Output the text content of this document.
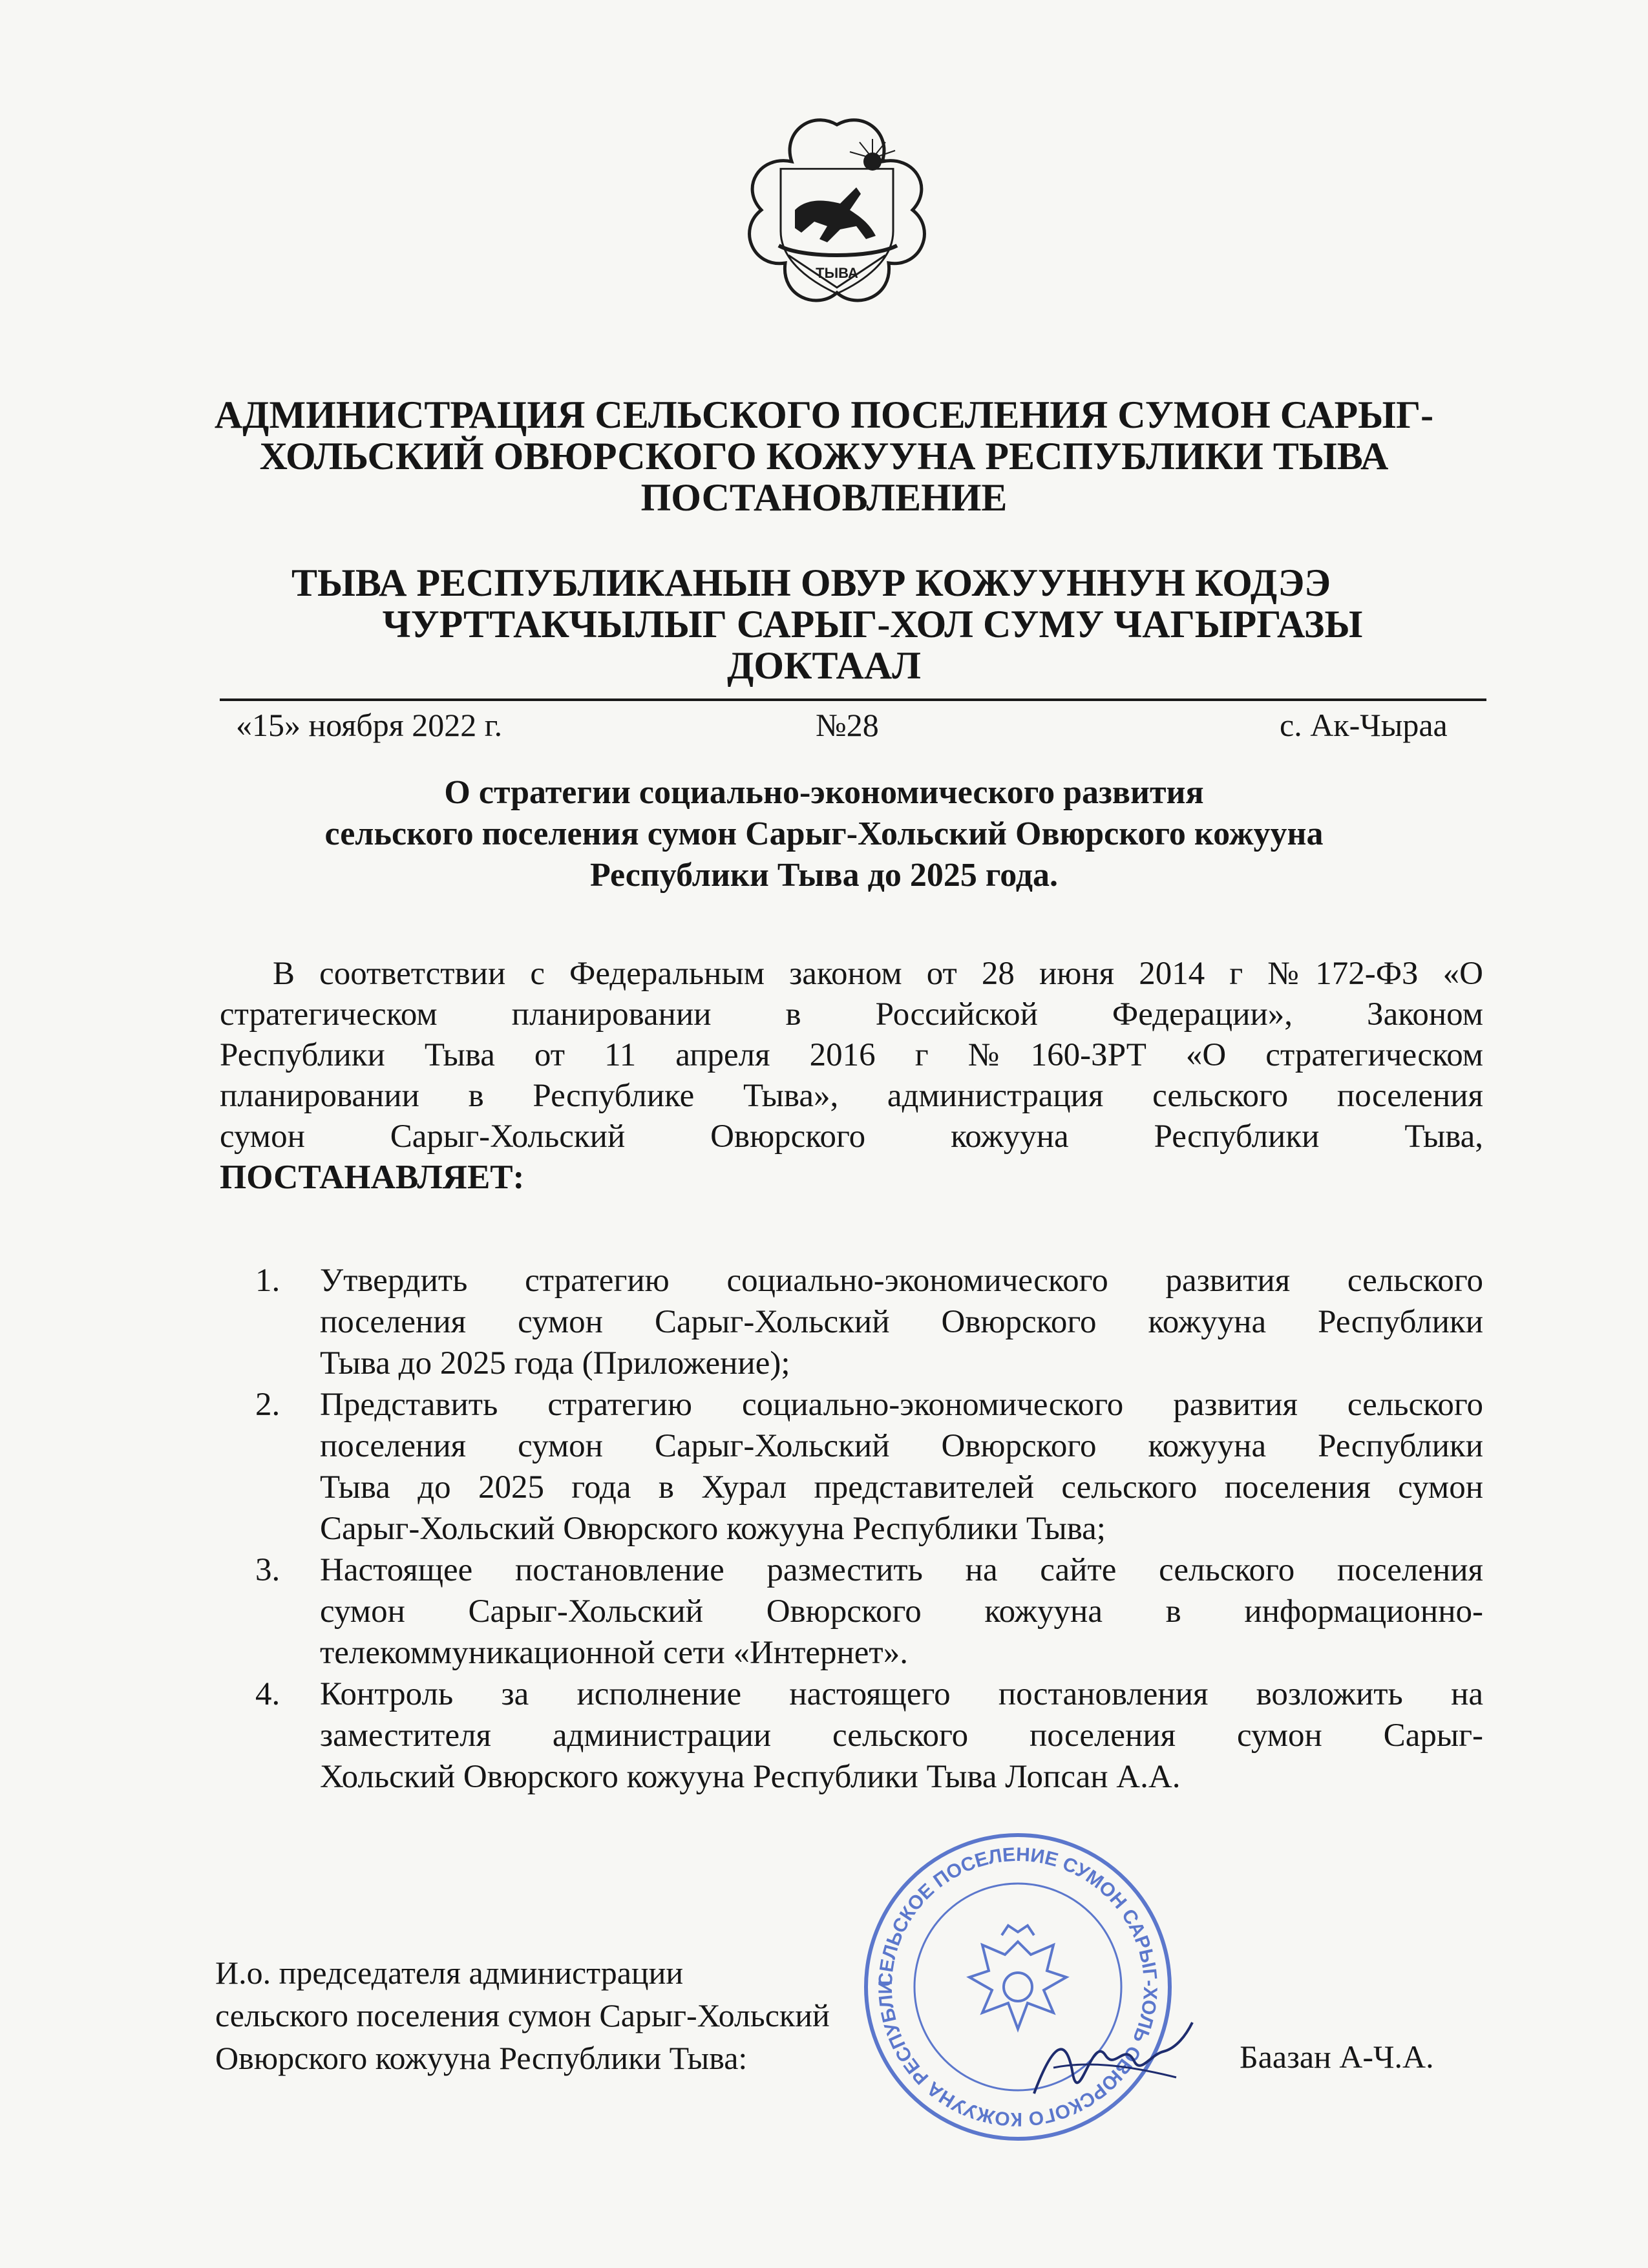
ТЫВА
АДМИНИСТРАЦИЯ СЕЛЬСКОГО ПОСЕЛЕНИЯ СУМОН САРЫГ-
ХОЛЬСКИЙ ОВЮРСКОГО КОЖУУНА РЕСПУБЛИКИ ТЫВА
ПОСТАНОВЛЕНИЕ
ТЫВА РЕСПУБЛИКАНЫН ОВУР КОЖУУННУН КОДЭЭ
ЧУРТТАКЧЫЛЫГ САРЫГ-ХОЛ СУМУ ЧАГЫРГАЗЫ
ДОКТААЛ
«15» ноября 2022 г.	№28	с. Ак-Чыраа
О стратегии социально-экономического развития
сельского поселения сумон Сарыг-Хольский Овюрского кожууна
Республики Тыва до 2025 года.
В соответствии с Федеральным законом от 28 июня 2014 г №172-ФЗ «О
стратегическом планировании в Российской Федерации», Законом
Республики Тыва от 11 апреля 2016 г №160-ЗРТ «О стратегическом
планировании в Республике Тыва», администрация сельского поселения
сумон Сарыг-Хольский Овюрского кожууна Республики Тыва,
ПОСТАНАВЛЯЕТ:
1. Утвердить стратегию социально-экономического развития сельского
поселения сумон Сарыг-Хольский Овюрского кожууна Республики
Тыва до 2025 года (Приложение);
2. Представить стратегию социально-экономического развития сельского
поселения сумон Сарыг-Хольский Овюрского кожууна Республики
Тыва до 2025 года в Хурал представителей сельского поселения сумон
Сарыг-Хольский Овюрского кожууна Республики Тыва;
3. Настоящее постановление разместить на сайте сельского поселения
сумон Сарыг-Хольский Овюрского кожууна в информационно-
телекоммуникационной сети «Интернет».
4. Контроль за исполнение настоящего постановления возложить на
заместителя администрации сельского поселения сумон Сарыг-
Хольский Овюрского кожууна Республики Тыва Лопсан А.А.
СЕЛЬСКОЕ ПОСЕЛЕНИЕ СУМОН САРЫГ-ХОЛЬ ОВЮРСКОГО КОЖУУНА РЕСПУБЛИ
И.о. председателя администрации
сельского поселения сумон Сарыг-Хольский
Овюрского кожууна Республики Тыва:	Баазан А-Ч.А.
